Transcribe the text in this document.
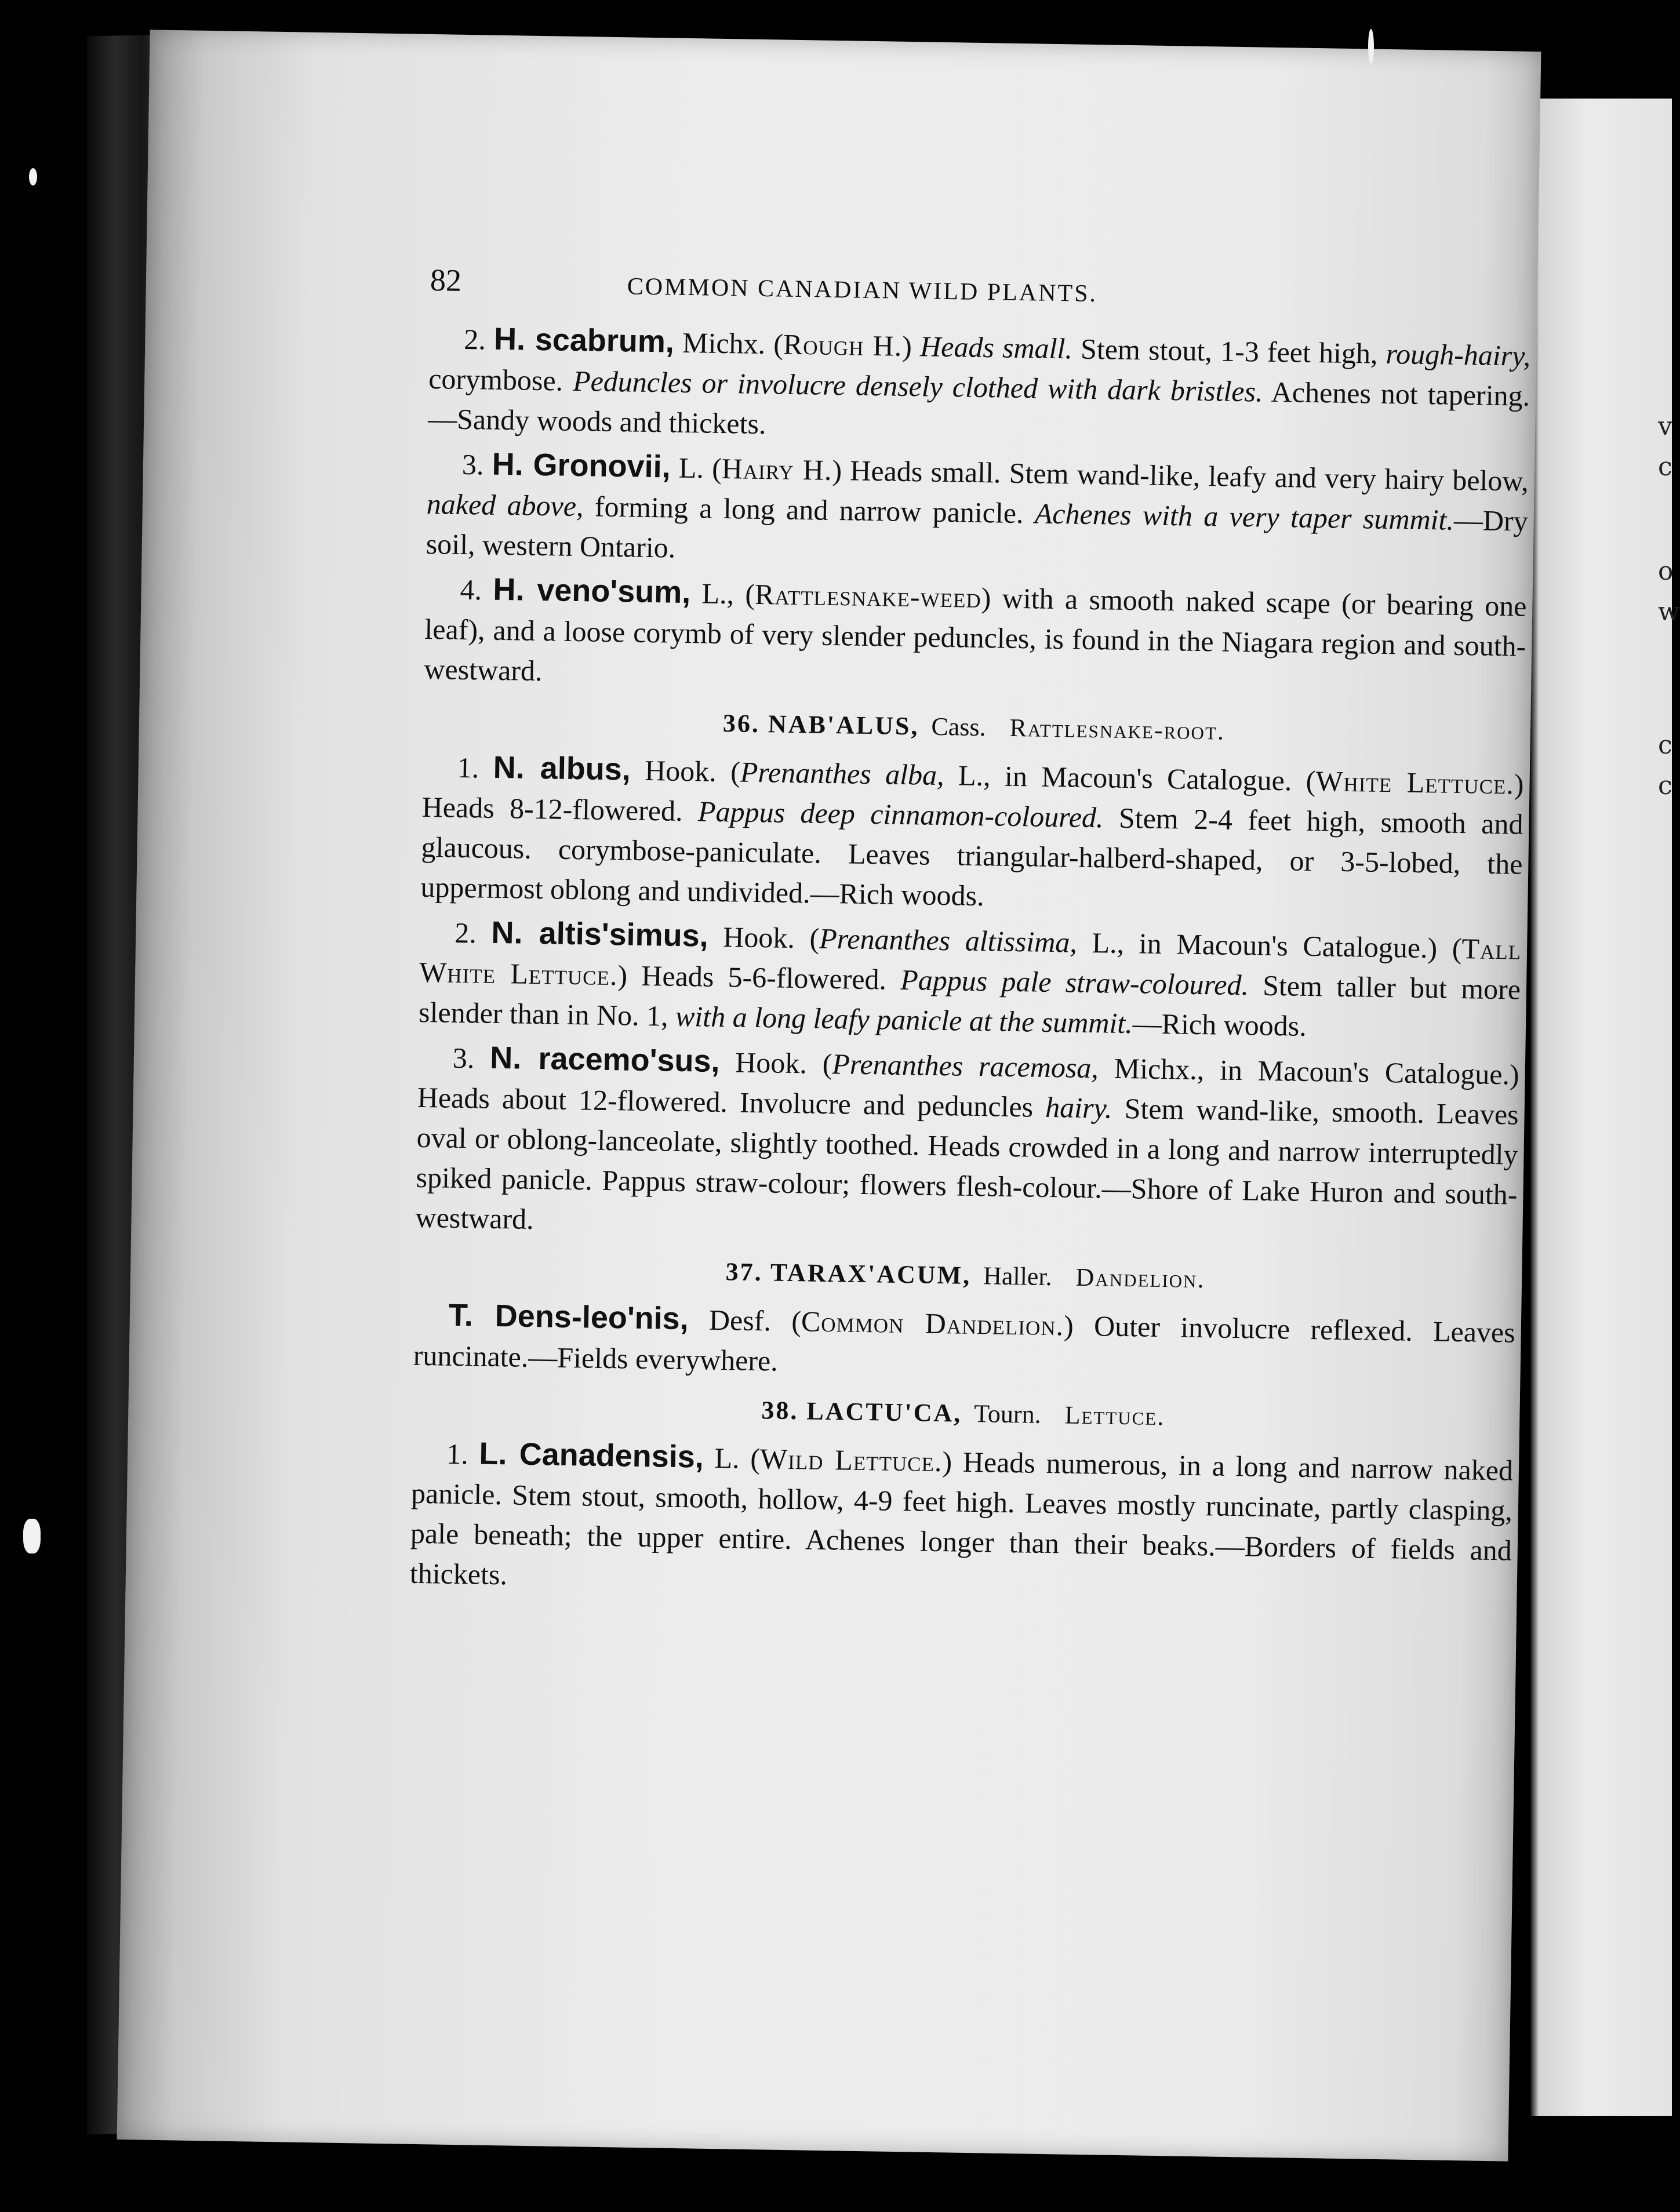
v
c
o
w
c
c
82	COMMON CANADIAN WILD PLANTS.

2. H. scabrum, Michx. (Rough H.) Heads small. Stem stout, 1-3 feet high, rough-hairy, corymbose. Peduncles or involucre densely clothed with dark bristles. Achenes not tapering.—Sandy woods and thickets.

3. H. Gronovii, L. (Hairy H.) Heads small. Stem wand-like, leafy and very hairy below, naked above, forming a long and narrow panicle. Achenes with a very taper summit.—Dry soil, western Ontario.

4. H. veno'sum, L., (Rattlesnake-weed) with a smooth naked scape (or bearing one leaf), and a loose corymb of very slender peduncles, is found in the Niagara region and south-westward.

36. NAB'ALUS, Cass. Rattlesnake-root.

1. N. albus, Hook. (Prenanthes alba, L., in Macoun's Catalogue. (White Lettuce.) Heads 8-12-flowered. Pappus deep cinnamon-coloured. Stem 2-4 feet high, smooth and glaucous. corymbose-paniculate. Leaves triangular-halberd-shaped, or 3-5-lobed, the uppermost oblong and undivided.—Rich woods.

2. N. altis'simus, Hook. (Prenanthes altissima, L., in Macoun's Catalogue.) (Tall White Lettuce.) Heads 5-6-flowered. Pappus pale straw-coloured. Stem taller but more slender than in No. 1, with a long leafy panicle at the summit.—Rich woods.

3. N. racemo'sus, Hook. (Prenanthes racemosa, Michx., in Macoun's Catalogue.) Heads about 12-flowered. Involucre and peduncles hairy. Stem wand-like, smooth. Leaves oval or oblong-lanceolate, slightly toothed. Heads crowded in a long and narrow interruptedly spiked panicle. Pappus straw-colour; flowers flesh-colour.—Shore of Lake Huron and south-westward.

37. TARAX'ACUM, Haller. Dandelion.

T. Dens-leo'nis, Desf. (Common Dandelion.) Outer involucre reflexed. Leaves runcinate.—Fields everywhere.

38. LACTU'CA, Tourn. Lettuce.

1. L. Canadensis, L. (Wild Lettuce.) Heads numerous, in a long and narrow naked panicle. Stem stout, smooth, hollow, 4-9 feet high. Leaves mostly runcinate, partly clasping, pale beneath; the upper entire. Achenes longer than their beaks.—Borders of fields and thickets.
